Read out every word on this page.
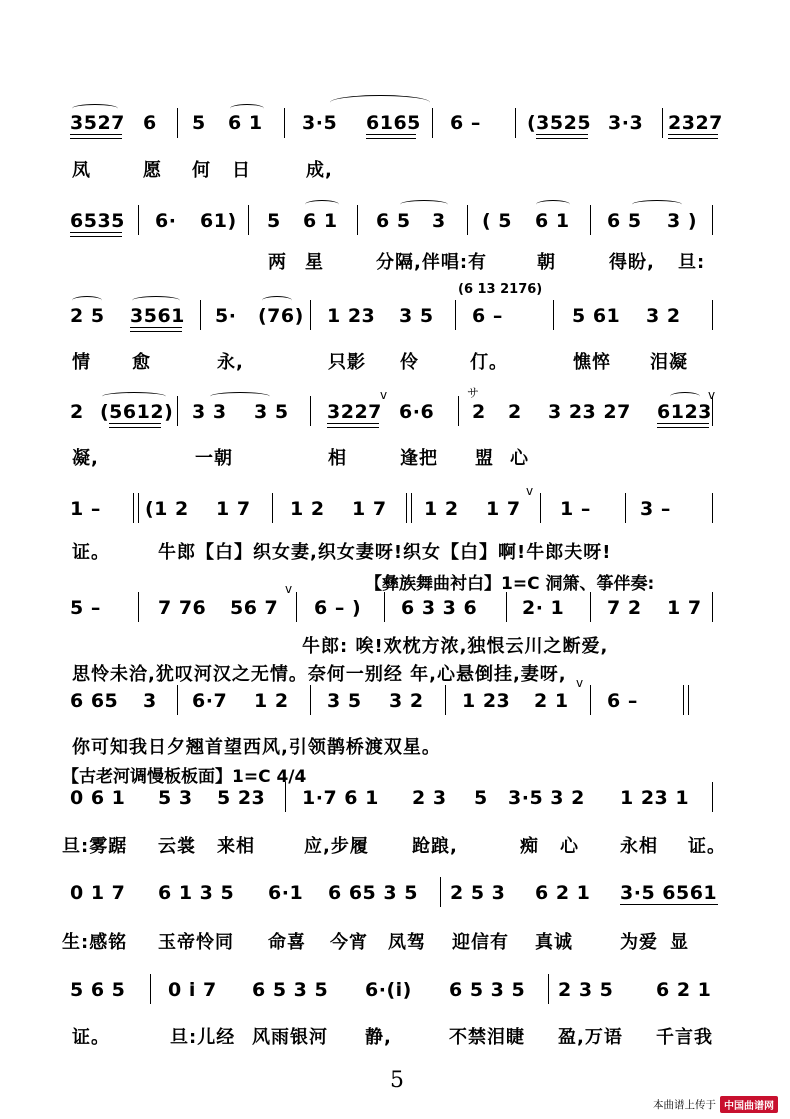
v	v
v
v
v
3527 6 5 6 1 3·5 6165 6 – (3525 3·3 2327
凤	愿 何 日	成,
6535 6· 61) 5 6 1 6 5 3 ( 5 6 1 6 5 3 )
两 星	分隔,伴唱:有	朝	得盼, 旦:
2 5 3561 5· (76) 1 23 3 5 6 –	5 61 3 2
情 愈	永,	只影 伶	仃。	憔悴 泪凝
2 (5612) 3 3 3 5 3227 6·6 2 2 3 23 27 6123
凝,	一朝	相	逢把 盟 心
1 – (1 2 1 7 1 2 1 7 1 2 1 7 1 –	3 –
证。	牛郎【白】织女妻,织女妻呀!织女【白】啊!牛郎夫呀!
【彝族舞曲衬白】1=C 洞箫、筝伴奏:
5 –	7 76 56 7 6 – ) 6 3 3 6 2· 1 7 2 1 7
牛郎: 唉!欢枕方浓,独恨云川之断爱,
思怜未洽,犹叹河汉之无情。奈何一别经 年,心悬倒挂,妻呀,
6 65 3 6·7 1 2 3 5 3 2 1 23 2 1 6 –
你可知我日夕翘首望西风,引领鹊桥渡双星。
【古老河调慢板板面】1=C 4/4
0 6 1 5 3 5 23 1·7 6 1 2 3 5 3·5 3 2 1 23 1
旦:雾踞 云裳 来相	应,步履 跄踉,	痴 心 永相 证。
0 1 7 6 1 3 5 6·1 6 65 3 5 2 5 3 6 2 1 3·5 6561
生:感铭 玉帝怜同 命喜 今宵 凤驾 迎信有 真诚	为爱 显
5 6 5 0 i 7 6 5 3 5 6·(i) 6 5 3 5 2 3 5 6 2 1
证。	旦:儿经 风雨银河 静,	不禁泪睫 盈,万语 千言我
(6 13 2176)
サ
5
本曲谱上传于 中国曲谱网
